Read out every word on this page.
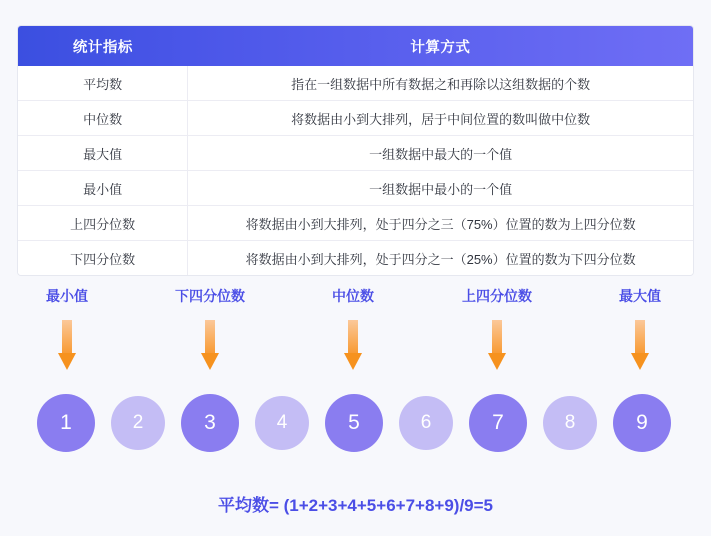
统计指标	计算方式
平均数	指在一组数据中所有数据之和再除以这组数据的个数
中位数	将数据由小到大排列，居于中间位置的数叫做中位数
最大值	一组数据中最大的一个值
最小值	一组数据中最小的一个值
上四分位数	将数据由小到大排列，处于四分之三（75%）位置的数为上四分位数
下四分位数	将数据由小到大排列，处于四分之一（25%）位置的数为下四分位数
最小值	下四分位数	中位数	上四分位数	最大值
1	2	3	4	5	6	7	8	9
平均数= (1+2+3+4+5+6+7+8+9)/9=5
